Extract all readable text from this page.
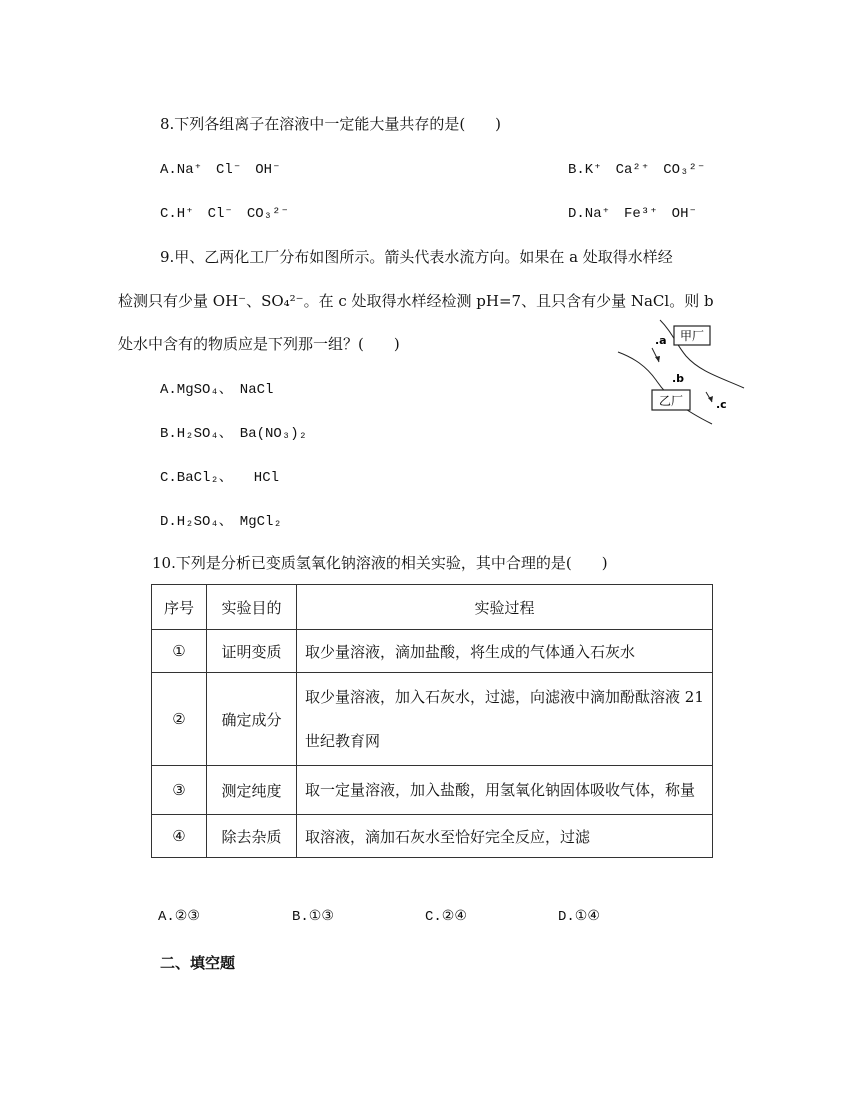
8.下列各组离子在溶液中一定能大量共存的是(　　)
A.Na⁺　Cl⁻　OH⁻	B.K⁺　Ca²⁺　CO₃²⁻
C.H⁺　Cl⁻　CO₃²⁻	D.Na⁺　Fe³⁺　OH⁻
9.甲、乙两化工厂分布如图所示。箭头代表水流方向。如果在 a 处取得水样经
检测只有少量 OH⁻、SO₄²⁻。在 c 处取得水样经检测 pH=7、且只含有少量 NaCl。则 b
处水中含有的物质应是下列那一组？(　　)	甲厂
.a
.b
乙厂	.c
A.MgSO₄、　NaCl
B.H₂SO₄、　Ba(NO₃)₂
C.BaCl₂、　　HCl
D.H₂SO₄、　MgCl₂
10.下列是分析已变质氢氧化钠溶液的相关实验，其中合理的是(　　)
序号	实验目的	实验过程
①	证明变质	取少量溶液，滴加盐酸，将生成的气体通入石灰水
②	确定成分	取少量溶液，加入石灰水，过滤，向滤液中滴加酚酞溶液 21 世纪教育网
③	测定纯度	取一定量溶液，加入盐酸，用氢氧化钠固体吸收气体，称量
④	除去杂质	取溶液，滴加石灰水至恰好完全反应，过滤
A.②③	B.①③	C.②④	D.①④
二、填空题
